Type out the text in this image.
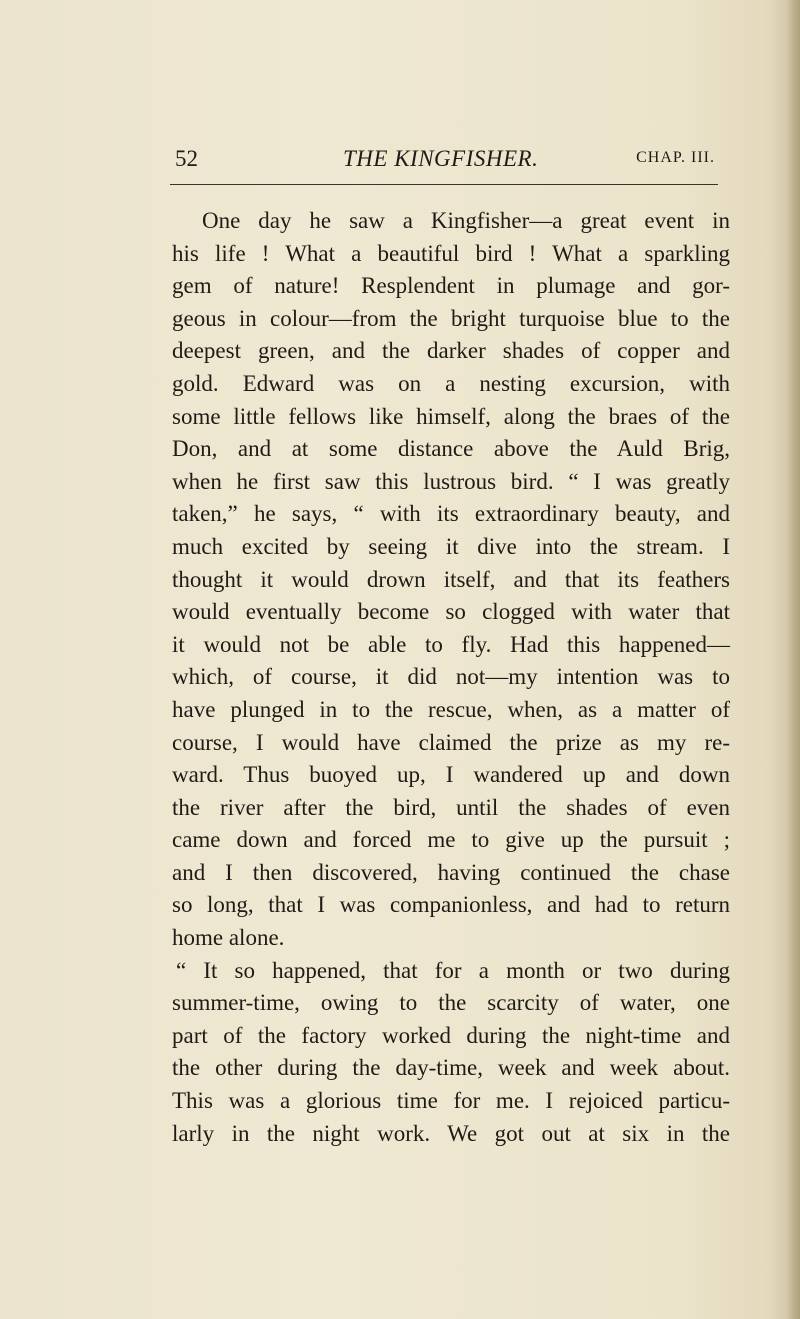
52	THE KINGFISHER.	CHAP. III.
One day he saw a Kingfisher—a great event in
his life ! What a beautiful bird ! What a sparkling
gem of nature! Resplendent in plumage and gor-
geous in colour—from the bright turquoise blue to the
deepest green, and the darker shades of copper and
gold. Edward was on a nesting excursion, with
some little fellows like himself, along the braes of the
Don, and at some distance above the Auld Brig,
when he first saw this lustrous bird. “ I was greatly
taken,” he says, “ with its extraordinary beauty, and
much excited by seeing it dive into the stream. I
thought it would drown itself, and that its feathers
would eventually become so clogged with water that
it would not be able to fly. Had this happened—
which, of course, it did not—my intention was to
have plunged in to the rescue, when, as a matter of
course, I would have claimed the prize as my re-
ward. Thus buoyed up, I wandered up and down
the river after the bird, until the shades of even
came down and forced me to give up the pursuit ;
and I then discovered, having continued the chase
so long, that I was companionless, and had to return
home alone.
“ It so happened, that for a month or two during
summer-time, owing to the scarcity of water, one
part of the factory worked during the night-time and
the other during the day-time, week and week about.
This was a glorious time for me. I rejoiced particu-
larly in the night work. We got out at six in the
